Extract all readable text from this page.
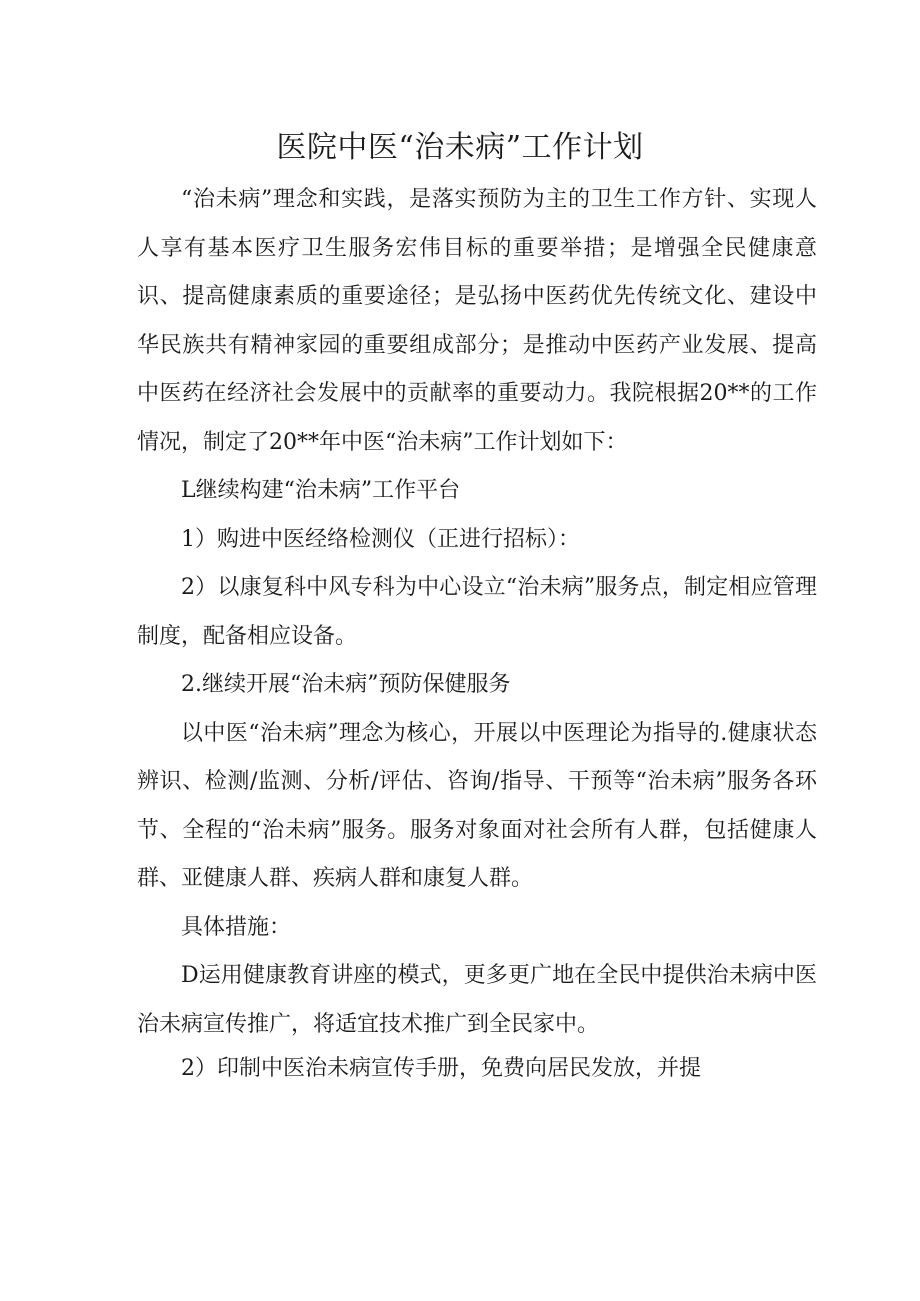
医院中医“治未病”工作计划

“治未病”理念和实践，是落实预防为主的卫生工作方针、实现人人享有基本医疗卫生服务宏伟目标的重要举措；是增强全民健康意识、提高健康素质的重要途径；是弘扬中医药优先传统文化、建设中华民族共有精神家园的重要组成部分；是推动中医药产业发展、提高中医药在经济社会发展中的贡献率的重要动力。我院根据20**的工作情况，制定了20**年中医“治未病”工作计划如下：

L继续构建“治未病”工作平台

1）购进中医经络检测仪（正进行招标）：

2）以康复科中风专科为中心设立“治未病”服务点，制定相应管理制度，配备相应设备。

2.继续开展“治未病”预防保健服务

以中医“治未病”理念为核心，开展以中医理论为指导的.健康状态辨识、检测/监测、分析/评估、咨询/指导、干预等“治未病”服务各环节、全程的“治未病”服务。服务对象面对社会所有人群，包括健康人群、亚健康人群、疾病人群和康复人群。

具体措施：

D运用健康教育讲座的模式，更多更广地在全民中提供治未病中医治未病宣传推广，将适宜技术推广到全民家中。

2）印制中医治未病宣传手册，免费向居民发放，并提
